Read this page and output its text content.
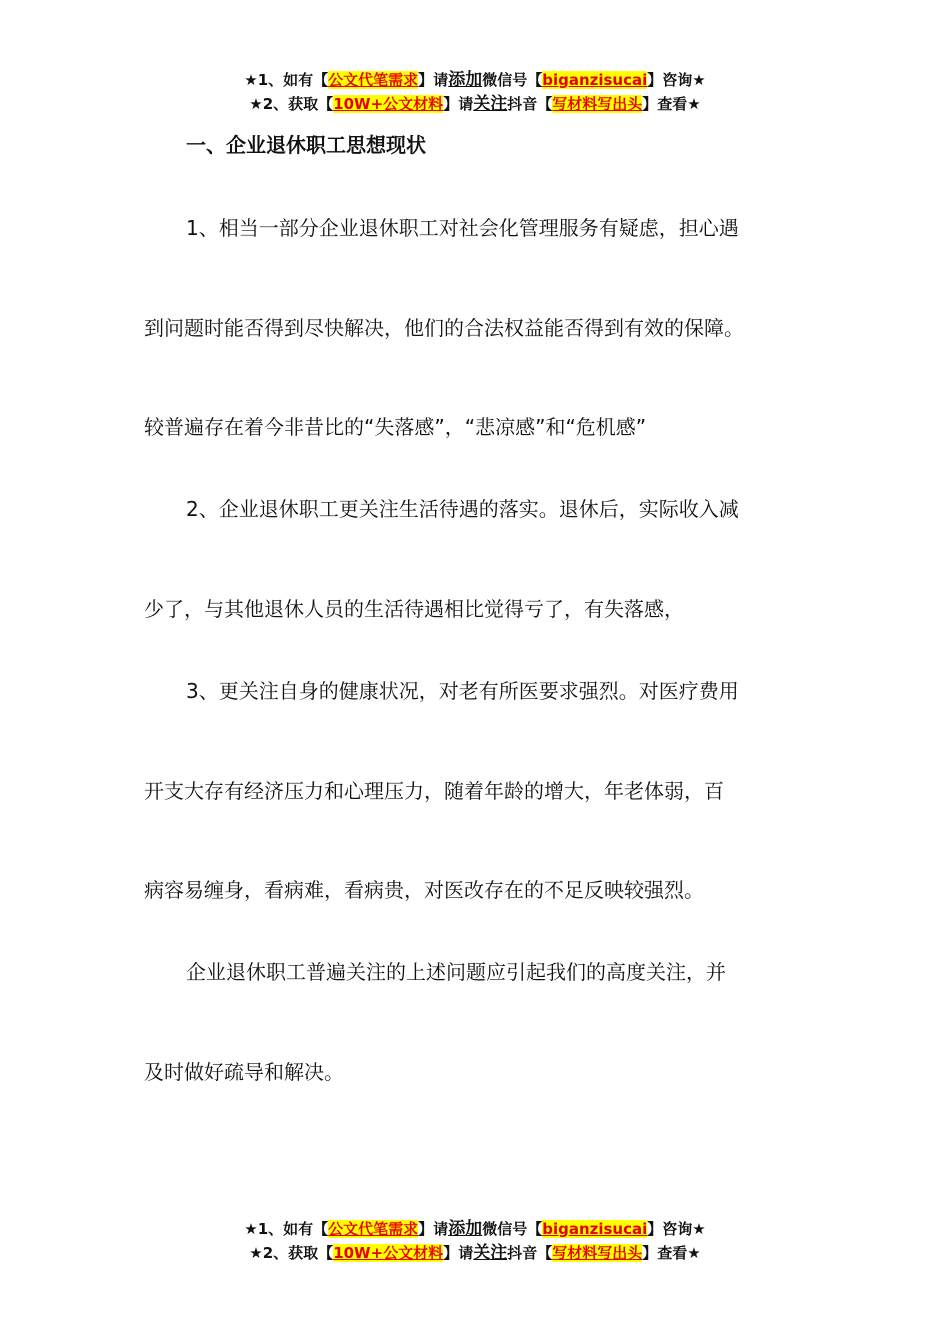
★1、如有【公文代笔需求】请添加微信号【biganzisucai】咨询★
★2、获取【10W+公文材料】请关注抖音【写材料写出头】查看★
一、企业退休职工思想现状

1、相当一部分企业退休职工对社会化管理服务有疑虑，担心遇

到问题时能否得到尽快解决，他们的合法权益能否得到有效的保障。

较普遍存在着今非昔比的“失落感”，“悲凉感”和“危机感”

2、企业退休职工更关注生活待遇的落实。退休后，实际收入减

少了，与其他退休人员的生活待遇相比觉得亏了，有失落感，

3、更关注自身的健康状况，对老有所医要求强烈。对医疗费用

开支大存有经济压力和心理压力，随着年龄的增大，年老体弱，百

病容易缠身，看病难，看病贵，对医改存在的不足反映较强烈。

企业退休职工普遍关注的上述问题应引起我们的高度关注，并

及时做好疏导和解决。

★1、如有【公文代笔需求】请添加微信号【biganzisucai】咨询★
★2、获取【10W+公文材料】请关注抖音【写材料写出头】查看★
